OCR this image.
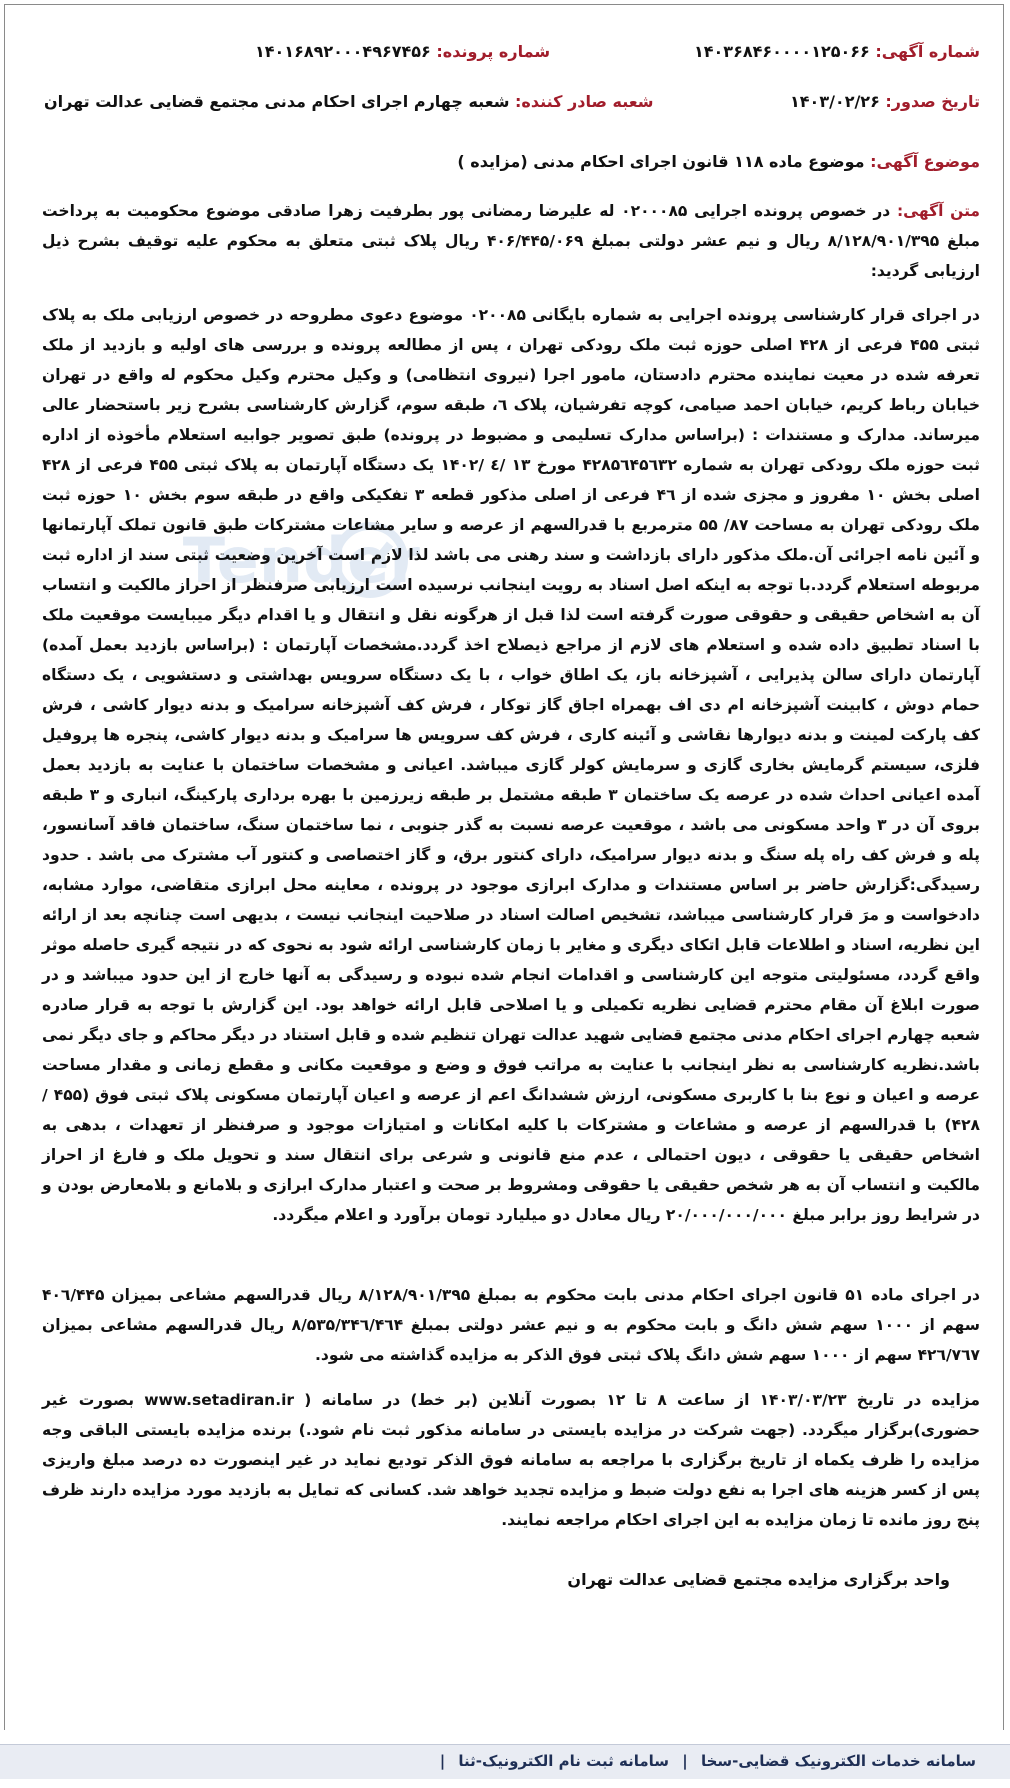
شماره آگهی: ۱۴۰۳۶۸۴۶۰۰۰۰۱۲۵۰۶۶
شماره پرونده: ۱۴۰۱۶۸۹۲۰۰۰۴۹۶۷۴۵۶
تاریخ صدور: ۱۴۰۳/۰۲/۲۶
شعبه صادر کننده: شعبه چهارم اجرای احکام مدنی مجتمع قضایی عدالت تهران
موضوع آگهی: موضوع ماده ۱۱۸ قانون اجرای احکام مدنی (مزایده )
متن آگهی: در خصوص پرونده اجرایی ۰۲۰۰۰۸۵ له علیرضا رمضانی پور بطرفیت زهرا صادقی موضوع محکومیت به پرداخت مبلغ ۸/۱۲۸/۹۰۱/۳۹۵ ریال و نیم عشر دولتی بمبلغ ۴۰۶/۴۴۵/۰۶۹ ریال پلاک ثبتی متعلق به محکوم علیه توقیف بشرح ذیل ارزیابی گردید:
Tender
در اجرای قرار کارشناسی پرونده اجرایی به شماره بایگانی ۰۲۰۰۸۵ موضوع دعوی مطروحه در خصوص ارزیابی ملک به پلاک ثبتی ۴۵۵ فرعی از ۴۲۸ اصلی حوزه ثبت ملک رودکی تهران ، پس از مطالعه پرونده و بررسی های اولیه و بازدید از ملک تعرفه شده در معیت نماینده محترم دادستان، مامور اجرا (نیروی انتظامی) و وکیل محترم وکیل محکوم له واقع در تهران خیابان رباط کریم، خیابان احمد صیامی، کوچه تفرشیان، پلاک ٦، طبقه سوم، گزارش کارشناسی بشرح زیر باستحضار عالی میرساند. مدارک و مستندات : (براساس مدارک تسلیمی و مضبوط در پرونده) طبق تصویر جوابیه استعلام مأخوذه از اداره ثبت حوزه ملک رودکی تهران به شماره ۴۲۸۵٦۴۵٦۳۲ مورخ ۱۳ /٤ /۱۴۰۲ یک دستگاه آپارتمان به پلاک ثبتی ۴۵۵ فرعی از ۴۲۸ اصلی بخش ۱۰ مفروز و مجزی شده از ۴٦ فرعی از اصلی مذکور قطعه ۳ تفکیکی واقع در طبقه سوم بخش ۱۰ حوزه ثبت ملک رودکی تهران به مساحت ۸۷/ ۵۵ مترمربع با قدرالسهم از عرصه و سایر مشاعات مشترکات طبق قانون تملک آپارتمانها و آئین نامه اجرائی آن.ملک مذکور دارای بازداشت و سند رهنی می باشد لذا لازم است آخرین وضعیت ثبتی سند از اداره ثبت مربوطه استعلام گردد.با توجه به اینکه اصل اسناد به رویت اینجانب نرسیده است ارزیابی صرفنظر از احراز مالکیت و انتساب آن به اشخاص حقیقی و حقوقی صورت گرفته است لذا قبل از هرگونه نقل و انتقال و یا اقدام دیگر میبایست موقعیت ملک با اسناد تطبیق داده شده و استعلام های لازم از مراجع ذیصلاح اخذ گردد.مشخصات آپارتمان : (براساس بازدید بعمل آمده) آپارتمان دارای سالن پذیرایی ، آشپزخانه باز، یک اطاق خواب ، با یک دستگاه سرویس بهداشتی و دستشویی ، یک دستگاه حمام دوش ، کابینت آشپزخانه ام دی اف بهمراه اجاق گاز توکار ، فرش کف آشپزخانه سرامیک و بدنه دیوار کاشی ، فرش کف پارکت لمینت و بدنه دیوارها نقاشی و آئینه کاری ، فرش کف سرویس ها سرامیک و بدنه دیوار کاشی، پنجره ها پروفیل فلزی، سیستم گرمایش بخاری گازی و سرمایش کولر گازی میباشد. اعیانی و مشخصات ساختمان با عنایت به بازدید بعمل آمده اعیانی احداث شده در عرصه یک ساختمان ۳ طبقه مشتمل بر طبقه زیرزمین با بهره برداری پارکینگ، انباری و ۳ طبقه بروی آن در ۳ واحد مسکونی می باشد ، موقعیت عرصه نسبت به گذر جنوبی ، نما ساختمان سنگ، ساختمان فاقد آسانسور، پله و فرش کف راه پله سنگ و بدنه دیوار سرامیک، دارای کنتور برق، و گاز اختصاصی و کنتور آب مشترک می باشد . حدود رسیدگی:گزارش حاضر بر اساس مستندات و مدارک ابرازی موجود در پرونده ، معاینه محل ابرازی متقاضی، موارد مشابه، دادخواست و مرَ قرار کارشناسی میباشد، تشخیص اصالت اسناد در صلاحیت اینجانب نیست ، بدیهی است چنانچه بعد از ارائه این نظریه، اسناد و اطلاعات قابل اتکای دیگری و مغایر با زمان کارشناسی ارائه شود به نحوی که در نتیجه گیری حاصله موثر واقع گردد، مسئولیتی متوجه این کارشناسی و اقدامات انجام شده نبوده و رسیدگی به آنها خارج از این حدود میباشد و در صورت ابلاغ آن مقام محترم قضایی نظریه تکمیلی و یا اصلاحی قابل ارائه خواهد بود. این گزارش با توجه به قرار صادره شعبه چهارم اجرای احکام مدنی مجتمع قضایی شهید عدالت تهران تنظیم شده و قابل استناد در دیگر محاکم و جای دیگر نمی باشد.نظریه کارشناسی به نظر اینجانب با عنایت به مراتب فوق و وضع و موقعیت مکانی و مقطع زمانی و مقدار مساحت عرصه و اعیان و نوع بنا با کاربری مسکونی، ارزش ششدانگ اعم از عرصه و اعیان آپارتمان مسکونی پلاک ثبتی فوق (۴۵۵ /۴۲۸) با قدرالسهم از عرصه و مشاعات و مشترکات با کلیه امکانات و امتیازات موجود و صرفنظر از تعهدات ، بدهی به اشخاص حقیقی یا حقوقی ، دیون احتمالی ، عدم منع قانونی و شرعی برای انتقال سند و تحویل ملک و فارغ از احراز مالکیت و انتساب آن به هر شخص حقیقی یا حقوقی ومشروط بر صحت و اعتبار مدارک ابرازی و بلامانع و بلامعارض بودن و در شرایط روز برابر مبلغ ۲۰/۰۰۰/۰۰۰/۰۰۰ ریال معادل دو میلیارد تومان برآورد و اعلام میگردد.
در اجرای ماده ۵۱ قانون اجرای احکام مدنی بابت محکوم به بمبلغ ۸/۱۲۸/۹۰۱/۳۹۵ ریال قدرالسهم مشاعی بمیزان ۴۰٦/۴۴۵ سهم از ۱۰۰۰ سهم شش دانگ و بابت محکوم به و نیم عشر دولتی بمبلغ ۸/۵۳۵/۳۴٦/۴٦۴ ریال قدرالسهم مشاعی بمیزان ۴۲٦/۷٦۷ سهم از ۱۰۰۰ سهم شش دانگ پلاک ثبتی فوق الذکر به مزایده گذاشته می شود.
مزایده در تاریخ ۱۴۰۳/۰۳/۲۳ از ساعت ۸ تا ۱۲ بصورت آنلاین (بر خط) در سامانه ( www.setadiran.ir بصورت غیر حضوری)برگزار میگردد. (جهت شرکت در مزایده بایستی در سامانه مذکور ثبت نام شود.) برنده مزایده بایستی الباقی وجه مزایده را ظرف یکماه از تاریخ برگزاری با مراجعه به سامانه فوق الذکر تودیع نماید در غیر اینصورت ده درصد مبلغ واریزی پس از کسر هزینه های اجرا به نفع دولت ضبط و مزایده تجدید خواهد شد. کسانی که تمایل به بازدید مورد مزایده دارند ظرف پنج روز مانده تا زمان مزایده به این اجرای احکام مراجعه نمایند.
واحد برگزاری مزایده مجتمع قضایی عدالت تهران
سامانه خدمات الکترونیک قضایی-سخا | سامانه ثبت نام الکترونیک-ثنا |
